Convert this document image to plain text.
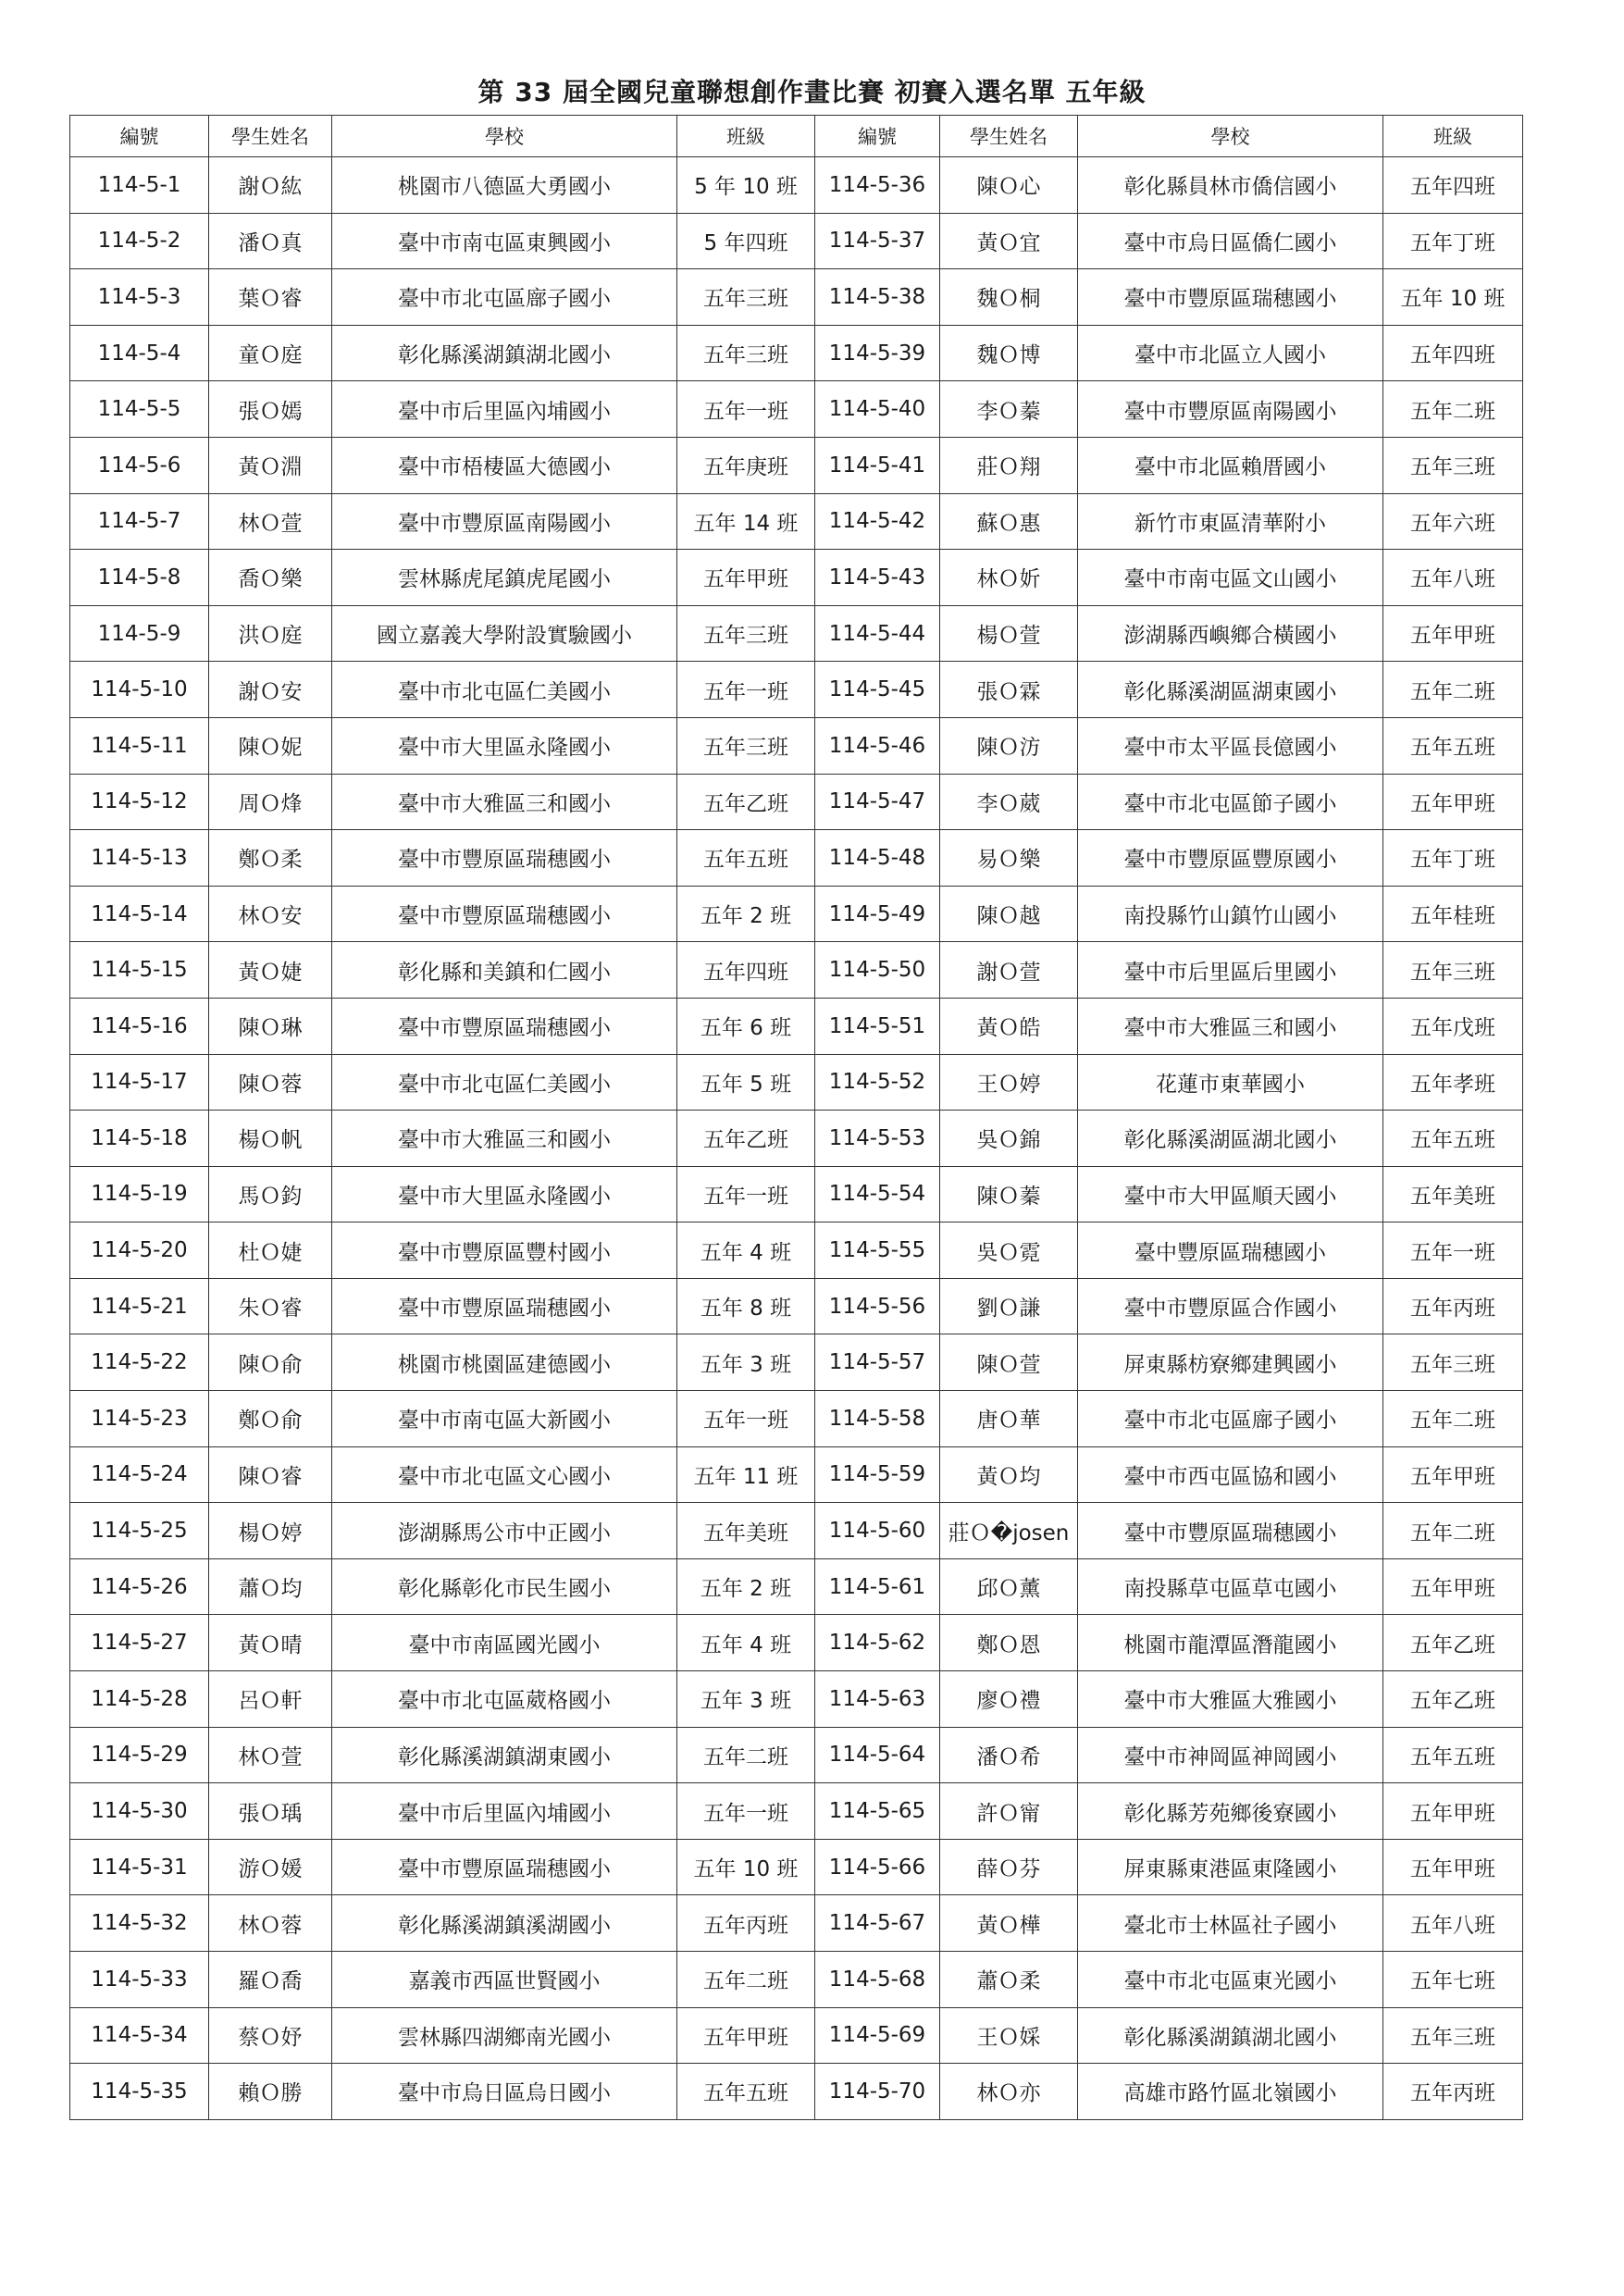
第 33 屆全國兒童聯想創作畫比賽 初賽入選名單 五年級
編號	學生姓名	學校	班級	編號	學生姓名	學校	班級
114-5-1	謝Ｏ紘	桃園市八德區大勇國小	5 年 10 班	114-5-36	陳Ｏ心	彰化縣員林市僑信國小	五年四班
114-5-2	潘Ｏ真	臺中市南屯區東興國小	5 年四班	114-5-37	黃Ｏ宜	臺中市烏日區僑仁國小	五年丁班
114-5-3	葉Ｏ睿	臺中市北屯區廍子國小	五年三班	114-5-38	魏Ｏ桐	臺中市豐原區瑞穗國小	五年 10 班
114-5-4	童Ｏ庭	彰化縣溪湖鎮湖北國小	五年三班	114-5-39	魏Ｏ博	臺中市北區立人國小	五年四班
114-5-5	張Ｏ嫣	臺中市后里區內埔國小	五年一班	114-5-40	李Ｏ蓁	臺中市豐原區南陽國小	五年二班
114-5-6	黃Ｏ淵	臺中市梧棲區大德國小	五年庚班	114-5-41	莊Ｏ翔	臺中市北區賴厝國小	五年三班
114-5-7	林Ｏ萱	臺中市豐原區南陽國小	五年 14 班	114-5-42	蘇Ｏ惠	新竹市東區清華附小	五年六班
114-5-8	喬Ｏ樂	雲林縣虎尾鎮虎尾國小	五年甲班	114-5-43	林Ｏ妡	臺中市南屯區文山國小	五年八班
114-5-9	洪Ｏ庭	國立嘉義大學附設實驗國小	五年三班	114-5-44	楊Ｏ萱	澎湖縣西嶼鄉合橫國小	五年甲班
114-5-10	謝Ｏ安	臺中市北屯區仁美國小	五年一班	114-5-45	張Ｏ霖	彰化縣溪湖區湖東國小	五年二班
114-5-11	陳Ｏ妮	臺中市大里區永隆國小	五年三班	114-5-46	陳Ｏ汸	臺中市太平區長億國小	五年五班
114-5-12	周Ｏ烽	臺中市大雅區三和國小	五年乙班	114-5-47	李Ｏ葳	臺中市北屯區節子國小	五年甲班
114-5-13	鄭Ｏ柔	臺中市豐原區瑞穗國小	五年五班	114-5-48	易Ｏ樂	臺中市豐原區豐原國小	五年丁班
114-5-14	林Ｏ安	臺中市豐原區瑞穗國小	五年 2 班	114-5-49	陳Ｏ越	南投縣竹山鎮竹山國小	五年桂班
114-5-15	黃Ｏ婕	彰化縣和美鎮和仁國小	五年四班	114-5-50	謝Ｏ萱	臺中市后里區后里國小	五年三班
114-5-16	陳Ｏ琳	臺中市豐原區瑞穗國小	五年 6 班	114-5-51	黃Ｏ皓	臺中市大雅區三和國小	五年戊班
114-5-17	陳Ｏ蓉	臺中市北屯區仁美國小	五年 5 班	114-5-52	王Ｏ婷	花蓮市東華國小	五年孝班
114-5-18	楊Ｏ帆	臺中市大雅區三和國小	五年乙班	114-5-53	吳Ｏ錦	彰化縣溪湖區湖北國小	五年五班
114-5-19	馬Ｏ鈞	臺中市大里區永隆國小	五年一班	114-5-54	陳Ｏ蓁	臺中市大甲區順天國小	五年美班
114-5-20	杜Ｏ婕	臺中市豐原區豐村國小	五年 4 班	114-5-55	吳Ｏ霓	臺中豐原區瑞穗國小	五年一班
114-5-21	朱Ｏ睿	臺中市豐原區瑞穗國小	五年 8 班	114-5-56	劉Ｏ謙	臺中市豐原區合作國小	五年丙班
114-5-22	陳Ｏ俞	桃園市桃園區建德國小	五年 3 班	114-5-57	陳Ｏ萱	屏東縣枋寮鄉建興國小	五年三班
114-5-23	鄭Ｏ俞	臺中市南屯區大新國小	五年一班	114-5-58	唐Ｏ華	臺中市北屯區廍子國小	五年二班
114-5-24	陳Ｏ睿	臺中市北屯區文心國小	五年 11 班	114-5-59	黃Ｏ均	臺中市西屯區協和國小	五年甲班
114-5-25	楊Ｏ婷	澎湖縣馬公市中正國小	五年美班	114-5-60	莊Ｏ�josen	臺中市豐原區瑞穗國小	五年二班
114-5-26	蕭Ｏ均	彰化縣彰化市民生國小	五年 2 班	114-5-61	邱Ｏ薰	南投縣草屯區草屯國小	五年甲班
114-5-27	黃Ｏ晴	臺中市南區國光國小	五年 4 班	114-5-62	鄭Ｏ恩	桃園市龍潭區潛龍國小	五年乙班
114-5-28	呂Ｏ軒	臺中市北屯區葳格國小	五年 3 班	114-5-63	廖Ｏ禮	臺中市大雅區大雅國小	五年乙班
114-5-29	林Ｏ萱	彰化縣溪湖鎮湖東國小	五年二班	114-5-64	潘Ｏ希	臺中市神岡區神岡國小	五年五班
114-5-30	張Ｏ瑀	臺中市后里區內埔國小	五年一班	114-5-65	許Ｏ甯	彰化縣芳苑鄉後寮國小	五年甲班
114-5-31	游Ｏ媛	臺中市豐原區瑞穗國小	五年 10 班	114-5-66	薛Ｏ芬	屏東縣東港區東隆國小	五年甲班
114-5-32	林Ｏ蓉	彰化縣溪湖鎮溪湖國小	五年丙班	114-5-67	黃Ｏ樺	臺北市士林區社子國小	五年八班
114-5-33	羅Ｏ喬	嘉義市西區世賢國小	五年二班	114-5-68	蕭Ｏ柔	臺中市北屯區東光國小	五年七班
114-5-34	蔡Ｏ妤	雲林縣四湖鄉南光國小	五年甲班	114-5-69	王Ｏ婇	彰化縣溪湖鎮湖北國小	五年三班
114-5-35	賴Ｏ勝	臺中市烏日區烏日國小	五年五班	114-5-70	林Ｏ亦	高雄市路竹區北嶺國小	五年丙班
